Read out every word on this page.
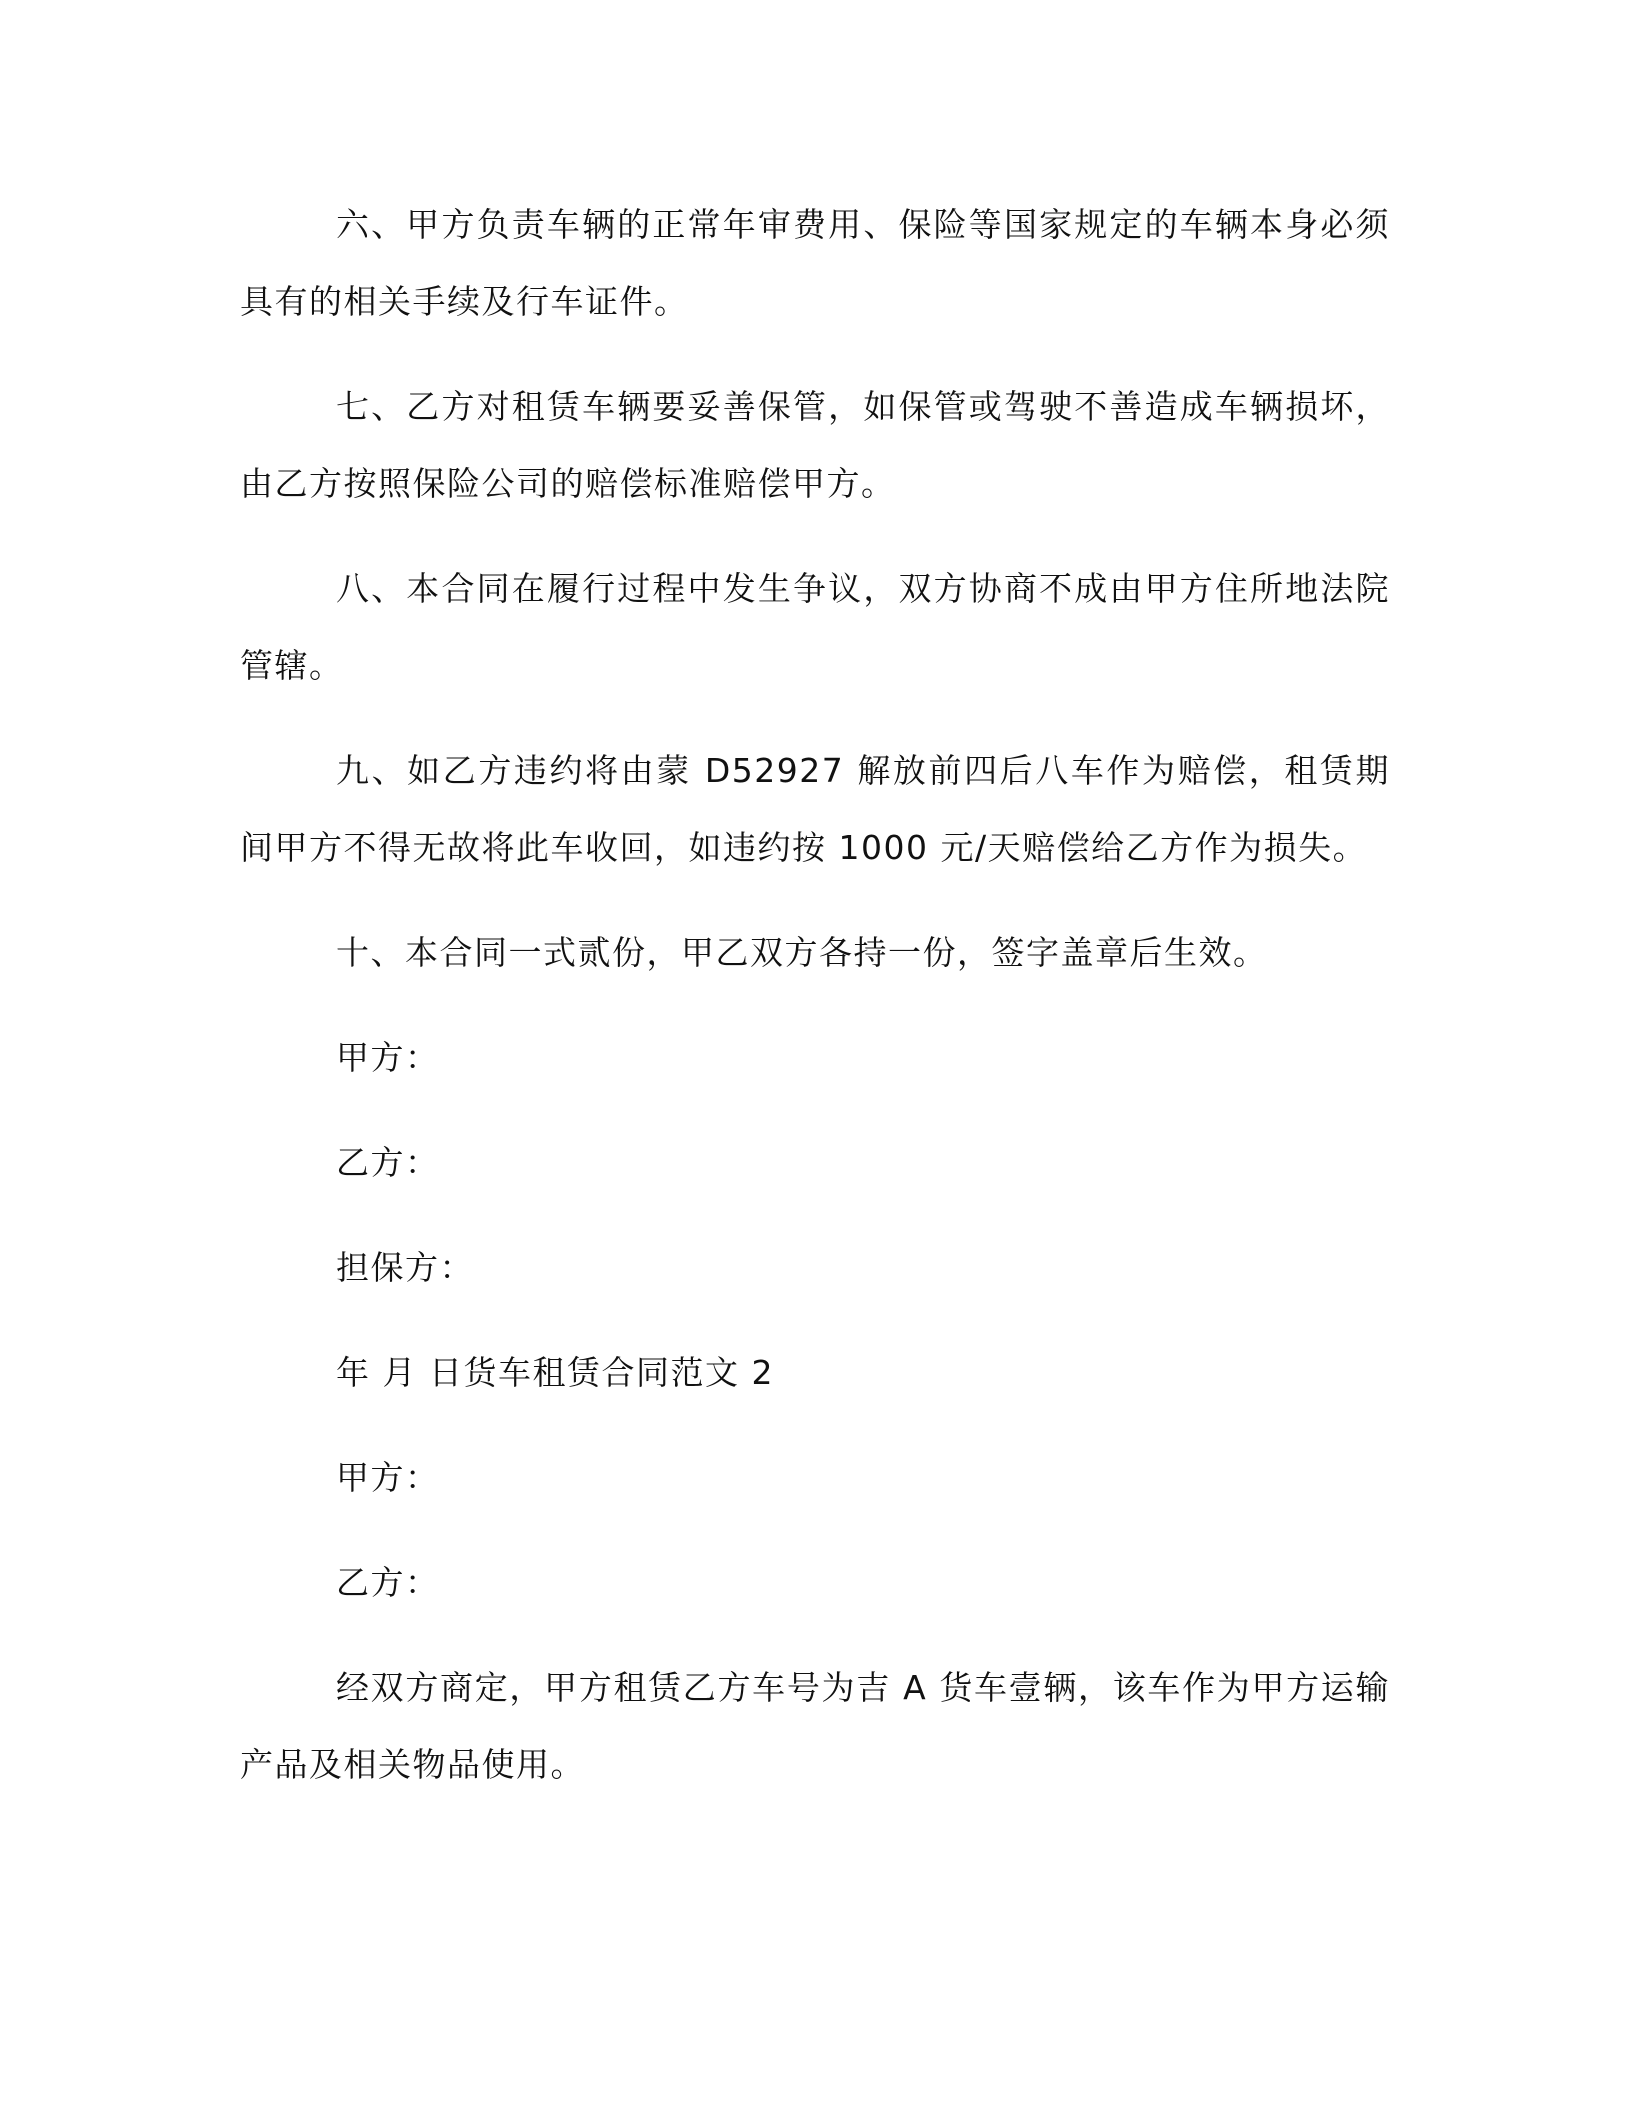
六、甲方负责车辆的正常年审费用、保险等国家规定的车辆本身必须具有的相关手续及行车证件。

七、乙方对租赁车辆要妥善保管，如保管或驾驶不善造成车辆损坏，由乙方按照保险公司的赔偿标准赔偿甲方。

八、本合同在履行过程中发生争议，双方协商不成由甲方住所地法院管辖。

九、如乙方违约将由蒙 D52927 解放前四后八车作为赔偿，租赁期间甲方不得无故将此车收回，如违约按 1000 元/天赔偿给乙方作为损失。

十、本合同一式贰份，甲乙双方各持一份，签字盖章后生效。

甲方：

乙方：

担保方：

年 月 日货车租赁合同范文 2

甲方：

乙方：

经双方商定，甲方租赁乙方车号为吉 A 货车壹辆，该车作为甲方运输产品及相关物品使用。
